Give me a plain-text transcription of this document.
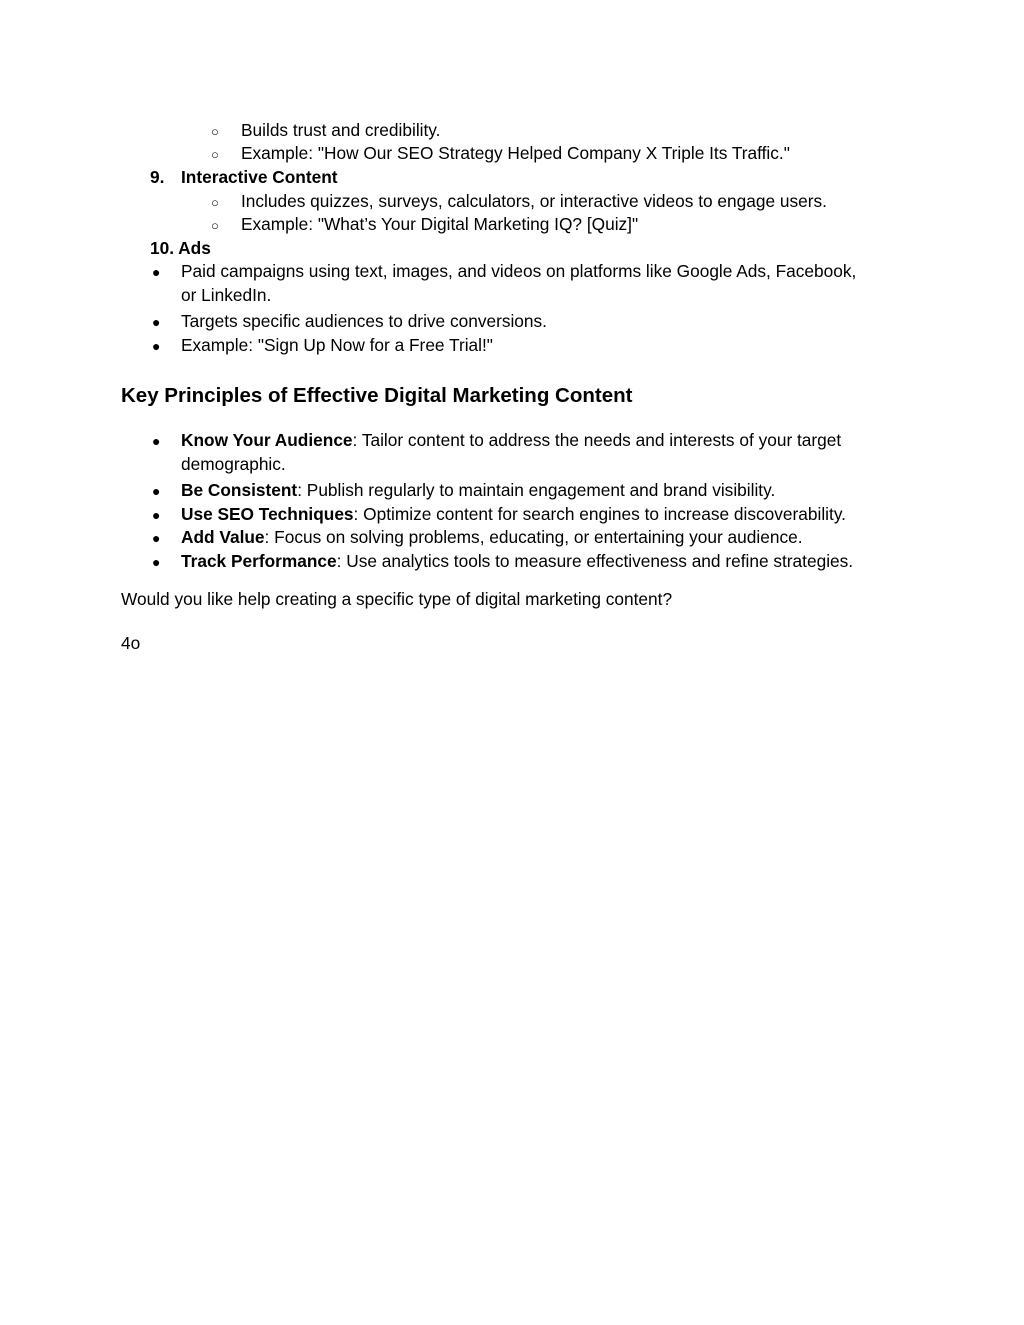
○ Builds trust and credibility.
○ Example: "How Our SEO Strategy Helped Company X Triple Its Traffic."
9. Interactive Content
○ Includes quizzes, surveys, calculators, or interactive videos to engage users.
○ Example: "What’s Your Digital Marketing IQ? [Quiz]"
10. Ads
● Paid campaigns using text, images, and videos on platforms like Google Ads, Facebook,
or LinkedIn.
● Targets specific audiences to drive conversions.
● Example: "Sign Up Now for a Free Trial!"
Key Principles of Effective Digital Marketing Content
● Know Your Audience: Tailor content to address the needs and interests of your target
demographic.
● Be Consistent: Publish regularly to maintain engagement and brand visibility.
● Use SEO Techniques: Optimize content for search engines to increase discoverability.
● Add Value: Focus on solving problems, educating, or entertaining your audience.
● Track Performance: Use analytics tools to measure effectiveness and refine strategies.
Would you like help creating a specific type of digital marketing content?
4o
